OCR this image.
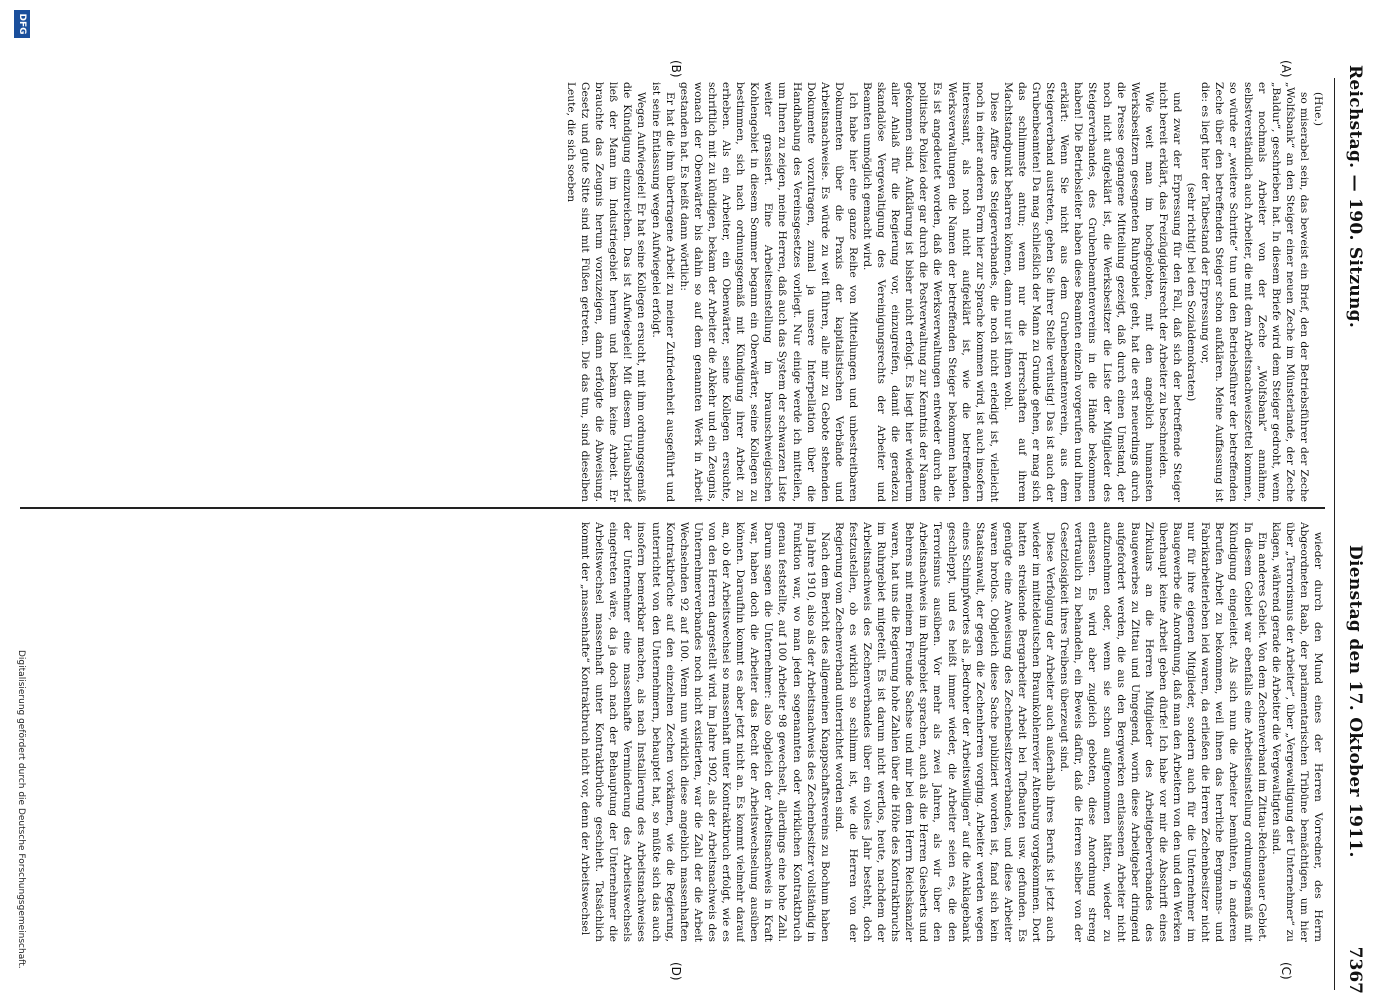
Reichstag. — 190. Sitzung.
Dienstag den 17. Oktober 1911.
7367
(A)
(B)
(C)
(D)

(Hue.)

so miserabel sein, das beweist ein Brief, den der Betriebsführer der Zeche „Wolfsbank“ an den Steiger einer neuen Zeche im Münsterlande, der Zeche „Baldur“, geschrieben hat. In diesem Briefe wird dem Steiger gedroht, wenn er nochmals Arbeiter von der Zeche „Wolfsbank“ annähme, selbstverständlich auch Arbeiter, die mit dem Arbeitsnachweiszettel kommen, so würde er „weitere Schritte“ tun und den Betriebsführer der betreffenden Zeche über den betreffenden Steiger schon aufklären. Meine Auffassung ist die: es liegt hier der Tatbestand der Erpressung vor,

(sehr richtig! bei den Sozialdemokraten)

und zwar der Erpressung für den Fall, daß sich der betreffende Steiger nicht bereit erklärt, das Freizügigkeitsrecht der Arbeiter zu beschneiden.

Wie weit man im hochgelobten, mit den angeblich humansten Werksbesitzern gesegneten Ruhrgebiet geht, hat die erst neuerdings durch die Presse gegangene Mitteilung gezeigt, daß durch einen Umstand, der noch nicht aufgeklärt ist, die Werksbesitzer die Liste der Mitglieder des Steigerverbandes, des Grubenbeamtenvereins in die Hände bekommen haben! Die Betriebsleiter haben diese Beamten einzeln vorgerufen und ihnen erklärt: Wenn Sie nicht aus dem Grubenbeamtenverein, aus dem Steigerverband austreten, gehen Sie ihrer Stelle verlustig! Das ist auch der Grubenbeamten! Da mag schließlich der Mann zu Grunde gehen, er mag sich das schlimmste antun; wenn nur die Herrschaften auf ihrem Machtstandpunkt beharren können, dann nur ist ihnen wohl.

Diese Affäre des Steigerverbandes, die noch nicht erledigt ist, vielleicht noch in einer anderen Form hier zur Sprache kommen wird, ist auch insofern interessant, als noch nicht aufgeklärt ist, wie die betreffenden Werksverwaltungen die Namen der betreffenden Steiger bekommen haben. Es ist angedeutet worden, daß die Werksverwaltungen entweder durch die politische Polizei oder gar durch die Postverwaltung zur Kenntnis der Namen gekommen sind. Aufklärung ist bisher nicht erfolgt. Es liegt hier wiederum aller Anlaß für die Regierung vor, einzugreifen, damit die geradezu skandalöse Vergewaltigung des Vereinigungsrechts der Arbeiter und Beamten unmöglich gemacht wird.

Ich habe hier eine ganze Reihe von Mitteilungen und unbestreitbaren Dokumenten über die Praxis der kapitalistischen Verbände und Arbeitsnachweise. Es würde zu weit führen, alle mir zu Gebote stehenden Dokumente vorzutragen, zumal ja unsere Interpellation über die Handhabung des Vereinsgesetzes vorliegt. Nur einige werde ich mitteilen, um Ihnen zu zeigen, meine Herren, daß auch das System der schwarzen Liste weiter grassiert. Eine Arbeitseinstellung im braunschweigischen Kohlengebiet in diesem Sommer begann ein Oberwärter, seine Kollegen zu bestimmen, sich nach ordnungsgemäß mit Kündigung ihrer Arbeit zu erheben. Als ein Arbeiter, ein Obenwärter, seine Kollegen ersuchte, schriftlich mit zu kündigen, bekam der Arbeiter die Abkehr und ein Zeugnis, wonach der Obenwärter bis dahin so auf dem genannten Werk in Arbeit gestanden hat. Es heißt dann wörtlich:

Er hat die ihm übertragene Arbeit zu meiner Zufriedenheit ausgeführt und ist seine Entlassung wegen Aufwiegelei erfolgt.

Wegen Aufwiegelei! Er hat seine Kollegen ersucht, mit ihm ordnungsgemäß die Kündigung einzureichen. Das ist Aufwiegelei! Mit diesem Urlaubsbrief ließ der Mann im Industriegebiet herum und bekam keine Arbeit. Er brauchte das Zeugnis herum vorzuzeigen, dann erfolgte die Abweisung. Gesetz und gute Sitte sind mit Füßen getreten. Die das tun, sind dieselben Leute, die sich soeben

wieder durch den Mund eines der Herren Vorredner, des Herrn Abgeordneten Raab, der parlamentarischen Tribüne bemächtigen, um hier über „Terrorismus der Arbeiter“, über „Vergewaltigung der Unternehmer“ zu klagen, während gerade die Arbeiter die Vergewaltigten sind.

Ein anderes Gebiet. Von dem Zechenverband im Zittau-Reichenauer Gebiet. In diesem Gebiet war ebenfalls eine Arbeitseinstellung ordnungsgemäß mit Kündigung eingeleitet. Als sich nun die Arbeiter bemühten, in anderen Berufen Arbeit zu bekommen, weil ihnen das herrliche Bergmanns- und Fabrikarbeiterleben leid waren, da erließen die Herren Zechenbesitzer nicht nur für ihre eigenen Mitglieder, sondern auch für die Unternehmer im Baugewerbe die Anordnung, daß man den Arbeitern von den und den Werken überhaupt keine Arbeit geben dürfe! Ich habe vor mir die Abschrift eines Zirkulars an die Herren Mitglieder des Arbeitgeberverbandes des Baugewerbes zu Zittau und Umgegend, worin diese Arbeitgeber dringend aufgefordert werden, die aus den Bergwerken entlassenen Arbeiter nicht aufzunehmen oder, wenn sie schon aufgenommen hätten, wieder zu entlassen. Es wird aber zugleich geboten, diese Anordnung streng vertraulich zu behandeln, ein Beweis dafür, daß die Herren selber von der Gesetzlosigkeit ihres Treibens überzeugt sind.

Diese Verfolgung der Arbeiter auch außerhalb ihres Berufs ist jetzt auch wieder im mitteldeutschen Braunkohlenrevier Altenburg vorgekommen. Dort hatten streikende Bergarbeiter Arbeit bei Tiefbauten usw. gefunden. Es genügte eine Anweisung des Zechenbesitzerverbandes, und diese Arbeiter waren brotlos. Obgleich diese Sache publiziert worden ist, fand sich kein Staatsanwalt, der gegen die Zechenherren vorging. Arbeiter werden wegen eines Schimpfwortes als „Bedroher der Arbeitswilligen“ auf die Anklagebank geschleppt, und es heißt immer wieder, die Arbeiter seien es, die den Terrorismus ausüben. Vor mehr als zwei Jahren, als wir über den Arbeitsnachweis im Ruhrgebiet sprachen, auch als die Herren Giesberts und Behrens mit meinem Freunde Sachse und mir bei dem Herrn Reichskanzler waren, hat uns die Regierung hohe Zahlen über die Höhe des Kontraktbruchs im Ruhrgebiet mitgeteilt. Es ist darum nicht wertlos, heute, nachdem der Arbeitsnachweis des Zechenverbandes über ein volles Jahr besteht, doch festzustellen, ob es wirklich so schlimm ist, wie die Herren von der Regierung vom Zechenverband unterrichtet worden sind.

Nach dem Bericht des allgemeinen Knappschaftsvereins zu Bochum haben im Jahre 1910, also als der Arbeitsnachweis des Zechenbesitzer vollständig in Funktion war, wo man jeden sogenannten oder wirklichen Kontraktbruch genau feststellte, auf 100 Arbeiter 98 gewechselt, allerdings eine hohe Zahl. Darum sagen die Unternehmer: also obgleich der Arbeitsnachweis in Kraft war, haben doch die Arbeiter das Recht der Arbeitswechselung ausüben können. Daraufhin kommt es aber jetzt nicht an. Es kommt vielmehr darauf an, ob der Arbeitswechsel so massenhaft unter Kontraktbruch erfolgt, wie es von den Herren dargestellt wird. Im Jahre 1902, als der Arbeitsnachweis des Unternehmerverbandes noch nicht existierten, war die Zahl der die Arbeit Wechselnden 92 auf 100. Wenn nun wirklich diese angeblich massenhaften Kontraktbrüche auf den einzelnen Zechen vorkämen, wie die Regierung, unterrichtet von den Unternehmern, behauptet hat, so müßte sich das auch insofern bemerkbar machen, als nach Installierung des Arbeitsnachweises der Unternehmer eine massenhafte Verminderung des Arbeitswechsels eingetreten wäre, da ja doch nach der Behauptung der Unternehmer die Arbeitswechsel massenhaft unter Kontraktbrüche geschieht. Tatsächlich kommt der „massenhafte“ Kontraktbruch nicht vor, denn der Arbeitswechsel

Digitalisierung gefördert durch die Deutsche Forschungsgemeinschaft.
DFG
